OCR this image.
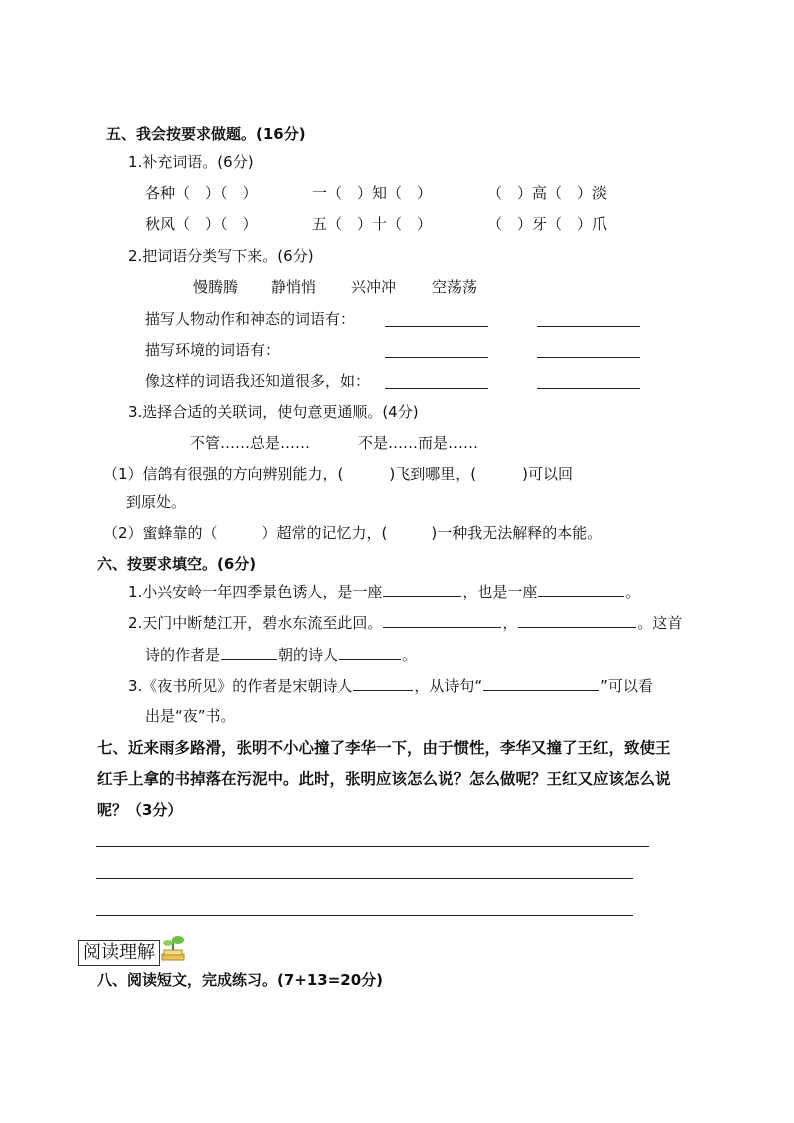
五、我会按要求做题。(16分)
1.补充词语。(6分)
各种（　）（　）	一（　）知（　）	（　）高（　）淡
秋风（　）（　）	五（　）十（　）	（　）牙（　）爪
2.把词语分类写下来。(6分)
慢腾腾 静悄悄 兴冲冲 空荡荡
描写人物动作和神态的词语有：
描写环境的词语有：
像这样的词语我还知道很多，如：
3.选择合适的关联词，使句意更通顺。(4分)
不管……总是……	不是……而是……
（1）信鸽有很强的方向辨别能力，(	)飞到哪里，(	)可以回
到原处。
（2）蜜蜂靠的（	）超常的记忆力，(	)一种我无法解释的本能。
六、按要求填空。(6分)
1.小兴安岭一年四季景色诱人，是一座	，也是一座	。
2.天门中断楚江开，碧水东流至此回。	，	。这首
诗的作者是	朝的诗人	。
3.《夜书所见》的作者是宋朝诗人	，从诗句“	”可以看
出是“夜”书。
七、近来雨多路滑，张明不小心撞了李华一下，由于惯性，李华又撞了王红，致使王
红手上拿的书掉落在污泥中。此时，张明应该怎么说？怎么做呢？王红又应该怎么说
呢？（3分）
阅读理解
八、阅读短文，完成练习。(7+13=20分)
